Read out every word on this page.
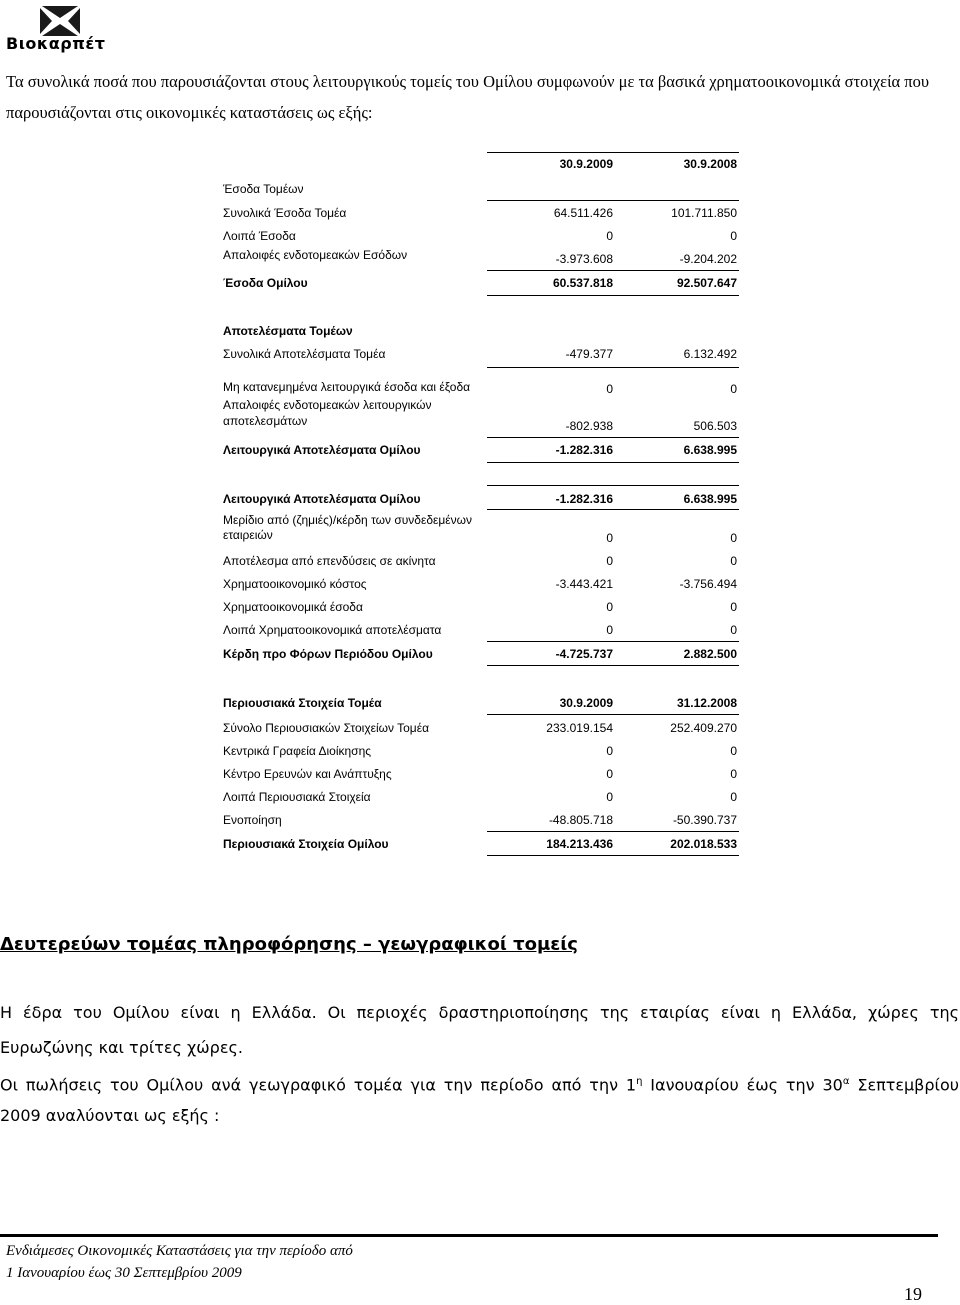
Βιοκαρπέτ
Τα συνολικά ποσά που παρουσιάζονται στους λειτουργικούς τομείς του Ομίλου συμφωνούν με τα βασικά χρηματοοικονομικά στοιχεία που παρουσιάζονται στις οικονομικές καταστάσεις ως εξής:
30.9.2009	30.9.2008
Έσοδα Τομέων
Συνολικά Έσοδα Τομέα	64.511.426	101.711.850
Λοιπά Έσοδα	0	0
Απαλοιφές ενδοτομεακών Εσόδων	-3.973.608	-9.204.202
Έσοδα Ομίλου	60.537.818	92.507.647
Αποτελέσματα Τομέων
Συνολικά Αποτελέσματα Τομέα	-479.377	6.132.492
Μη κατανεμημένα λειτουργικά έσοδα και έξοδα	0	0
Απαλοιφές ενδοτομεακών λειτουργικών
αποτελεσμάτων	-802.938	506.503
Λειτουργικά Αποτελέσματα Ομίλου	-1.282.316	6.638.995
Λειτουργικά Αποτελέσματα Ομίλου	-1.282.316	6.638.995
Μερίδιο από (ζημιές)/κέρδη των συνδεδεμένων
εταιρειών	0	0
Αποτέλεσμα από επενδύσεις σε ακίνητα	0	0
Χρηματοοικονομικό κόστος	-3.443.421	-3.756.494
Χρηματοοικονομικά έσοδα	0	0
Λοιπά Χρηματοοικονομικά αποτελέσματα	0	0
Κέρδη προ Φόρων Περιόδου Ομίλου	-4.725.737	2.882.500
Περιουσιακά Στοιχεία Τομέα	30.9.2009	31.12.2008
Σύνολο Περιουσιακών Στοιχείων Τομέα	233.019.154	252.409.270
Κεντρικά Γραφεία Διοίκησης	0	0
Κέντρο Ερευνών και Ανάπτυξης	0	0
Λοιπά Περιουσιακά Στοιχεία	0	0
Ενοποίηση	-48.805.718	-50.390.737
Περιουσιακά Στοιχεία Ομίλου	184.213.436	202.018.533
Δευτερεύων τομέας πληροφόρησης – γεωγραφικοί τομείς
Η έδρα του Ομίλου είναι η Ελλάδα. Οι περιοχές δραστηριοποίησης της εταιρίας είναι η Ελλάδα, χώρες της
Ευρωζώνης και τρίτες χώρες.
Οι πωλήσεις του Ομίλου ανά γεωγραφικό τομέα για την περίοδο από την $1^\eta$ Ιανουαρίου έως την $30^\alpha$ Σεπτεμβρίου
2009 αναλύονται ως εξής :
Ενδιάμεσες Οικονομικές Καταστάσεις για την περίοδο από
1 Ιανουαρίου έως 30 Σεπτεμβρίου 2009
19
